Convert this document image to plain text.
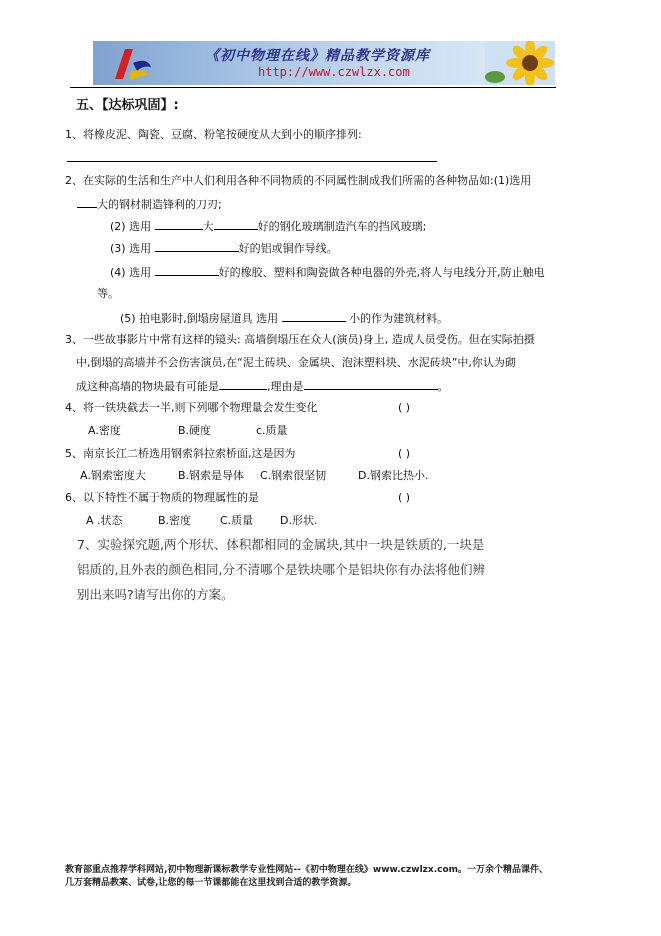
《初中物理在线》精品教学资源库
http://www.czwlzx.com
五、【达标巩固】:
1、将橡皮泥、陶瓷、豆腐、粉笔按硬度从大到小的顺序排列:
2、在实际的生活和生产中人们利用各种不同物质的不同属性制成我们所需的各种物品如:(1)选用
大的钢材制造锋利的刀刃;
(2) 选用	大	好的钢化玻璃制造汽车的挡风玻璃;
(3) 选用	好的铝或铜作导线。
(4) 选用	好的橡胶、塑料和陶瓷做各种电器的外壳,将人与电线分开,防止触电
等。
(5) 拍电影时,倒塌房屋道具 选用	小的作为建筑材料。
3、一些故事影片中常有这样的镜头: 高墙倒塌压在众人(演员)身上, 造成人员受伤。但在实际拍摄
中,倒塌的高墙并不会伤害演员,在“泥土砖块、金属块、泡沫塑料块、水泥砖块”中,你认为砌
成这种高墙的物块最有可能是	,理由是	。
4、将一铁块截去一半,则下列哪个物理量会发生变化	( )
A.密度	B.硬度	c.质量
5、南京长江二桥选用钢索斜拉索桥面,这是因为	( )
A.钢索密度大	B.钢索是导体 C.钢索很坚韧	D.钢索比热小.
6、以下特性不属于物质的物理属性的是	( )
A .状态	B.密度	C.质量 D.形状.
7、实验探究题,两个形状、体积都相同的金属块,其中一块是铁质的,一块是
铝质的,且外表的颜色相同,分不清哪个是铁块哪个是铝块你有办法将他们辨
别出来吗?请写出你的方案。
教育部重点推荐学科网站,初中物理新课标教学专业性网站--《初中物理在线》www.czwlzx.com。一万余个精品课件、
几万套精品教案、试卷,让您的每一节课都能在这里找到合适的教学资源。
